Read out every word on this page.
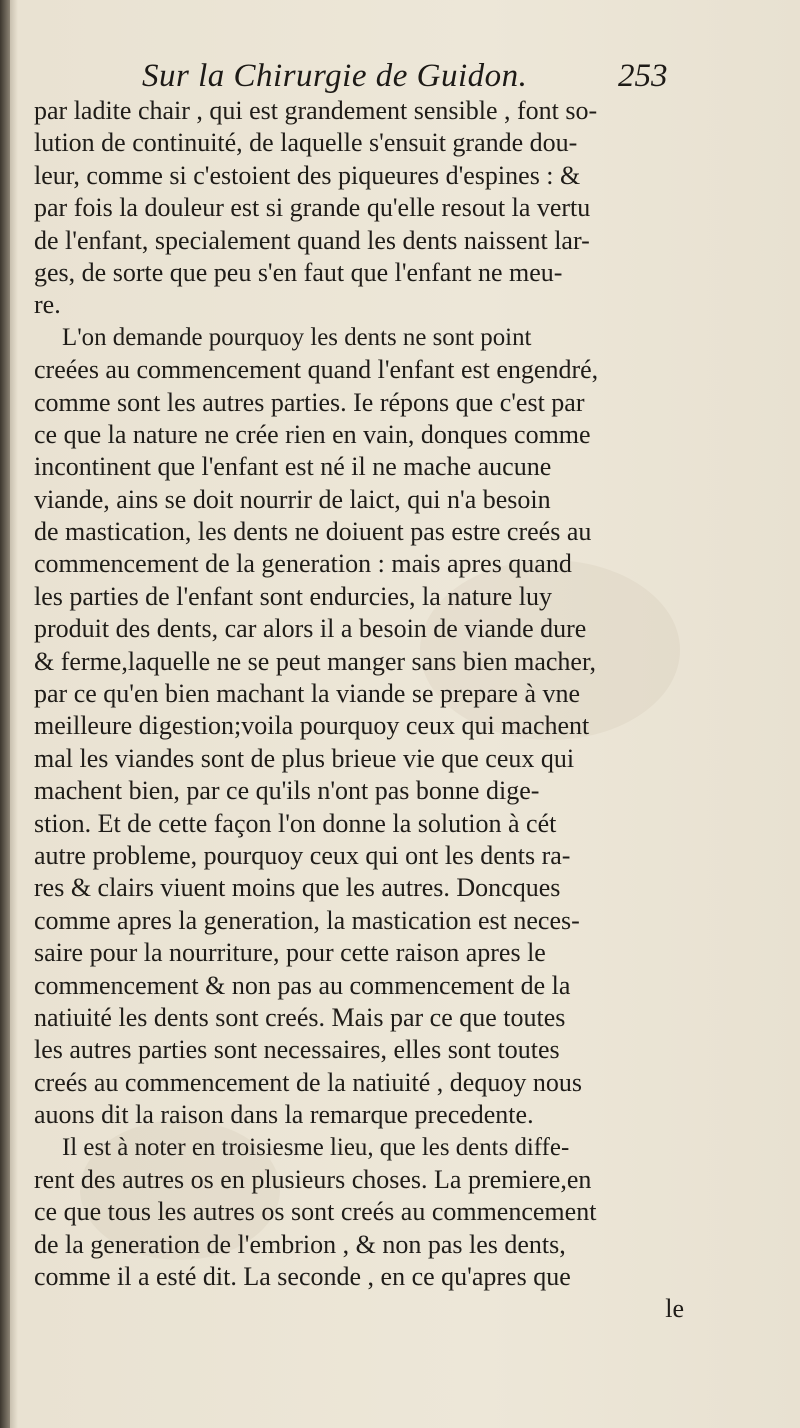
Sur la Chirurgie de Guidon.	253
par ladite chair , qui est grandement sensible , font so-
lution de continuité, de laquelle s'ensuit grande dou-
leur, comme si c'estoient des piqueures d'espines : &
par fois la douleur est si grande qu'elle resout la vertu
de l'enfant, specialement quand les dents naissent lar-
ges, de sorte que peu s'en faut que l'enfant ne meu-
re.
L'on demande pourquoy les dents ne sont point
creées au commencement quand l'enfant est engendré,
comme sont les autres parties. Ie répons que c'est par
ce que la nature ne crée rien en vain, donques comme
incontinent que l'enfant est né il ne mache aucune
viande, ains se doit nourrir de laict, qui n'a besoin
de mastication, les dents ne doiuent pas estre creés au
commencement de la generation : mais apres quand
les parties de l'enfant sont endurcies, la nature luy
produit des dents, car alors il a besoin de viande dure
& ferme,laquelle ne se peut manger sans bien macher,
par ce qu'en bien machant la viande se prepare à vne
meilleure digestion;voila pourquoy ceux qui machent
mal les viandes sont de plus brieue vie que ceux qui
machent bien, par ce qu'ils n'ont pas bonne dige-
stion. Et de cette façon l'on donne la solution à cét
autre probleme, pourquoy ceux qui ont les dents ra-
res & clairs viuent moins que les autres. Doncques
comme apres la generation, la mastication est neces-
saire pour la nourriture, pour cette raison apres le
commencement & non pas au commencement de la
natiuité les dents sont creés. Mais par ce que toutes
les autres parties sont necessaires, elles sont toutes
creés au commencement de la natiuité , dequoy nous
auons dit la raison dans la remarque precedente.
Il est à noter en troisiesme lieu, que les dents diffe-
rent des autres os en plusieurs choses. La premiere,en
ce que tous les autres os sont creés au commencement
de la generation de l'embrion , & non pas les dents,
comme il a esté dit. La seconde , en ce qu'apres que
le
